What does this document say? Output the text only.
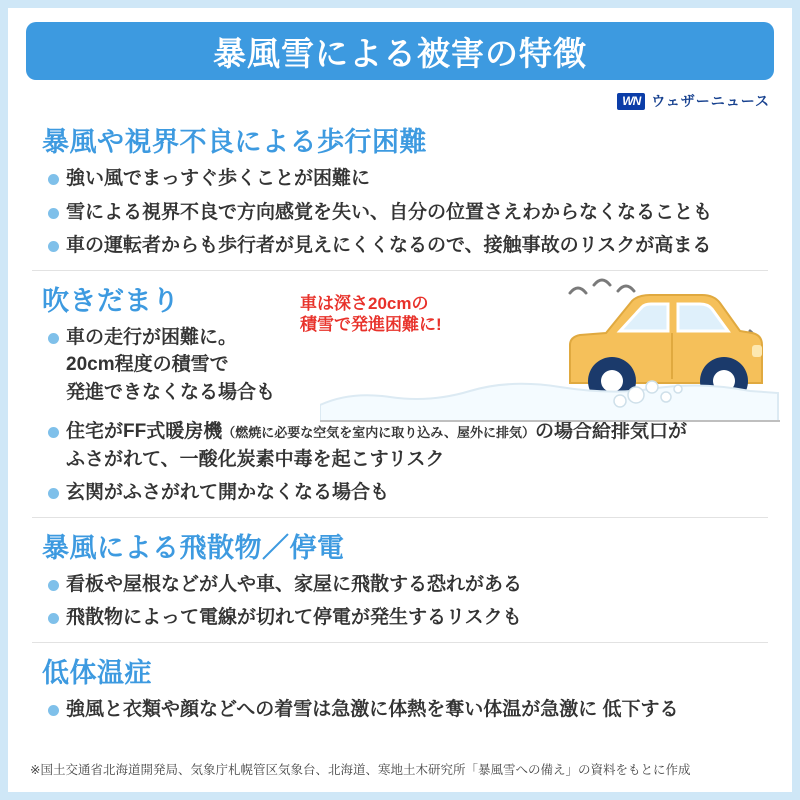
暴風雪による被害の特徴
WN ウェザーニュース
暴風や視界不良による歩行困難
強い風でまっすぐ歩くことが困難に
雪による視界不良で方向感覚を失い、自分の位置さえわからなくなることも
車の運転者からも歩行者が見えにくくなるので、接触事故のリスクが高まる
車は深さ20cmの
積雪で発進困難に!
吹きだまり
車の走行が困難に。
20cm程度の積雪で
発進できなくなる場合も
住宅がFF式暖房機（燃焼に必要な空気を室内に取り込み、屋外に排気）の場合給排気口が
ふさがれて、一酸化炭素中毒を起こすリスク
玄関がふさがれて開かなくなる場合も
暴風による飛散物／停電
看板や屋根などが人や車、家屋に飛散する恐れがある
飛散物によって電線が切れて停電が発生するリスクも
低体温症
強風と衣類や顔などへの着雪は急激に体熱を奪い体温が急激に 低下する
※国土交通省北海道開発局、気象庁札幌管区気象台、北海道、寒地土木研究所「暴風雪への備え」の資料をもとに作成
